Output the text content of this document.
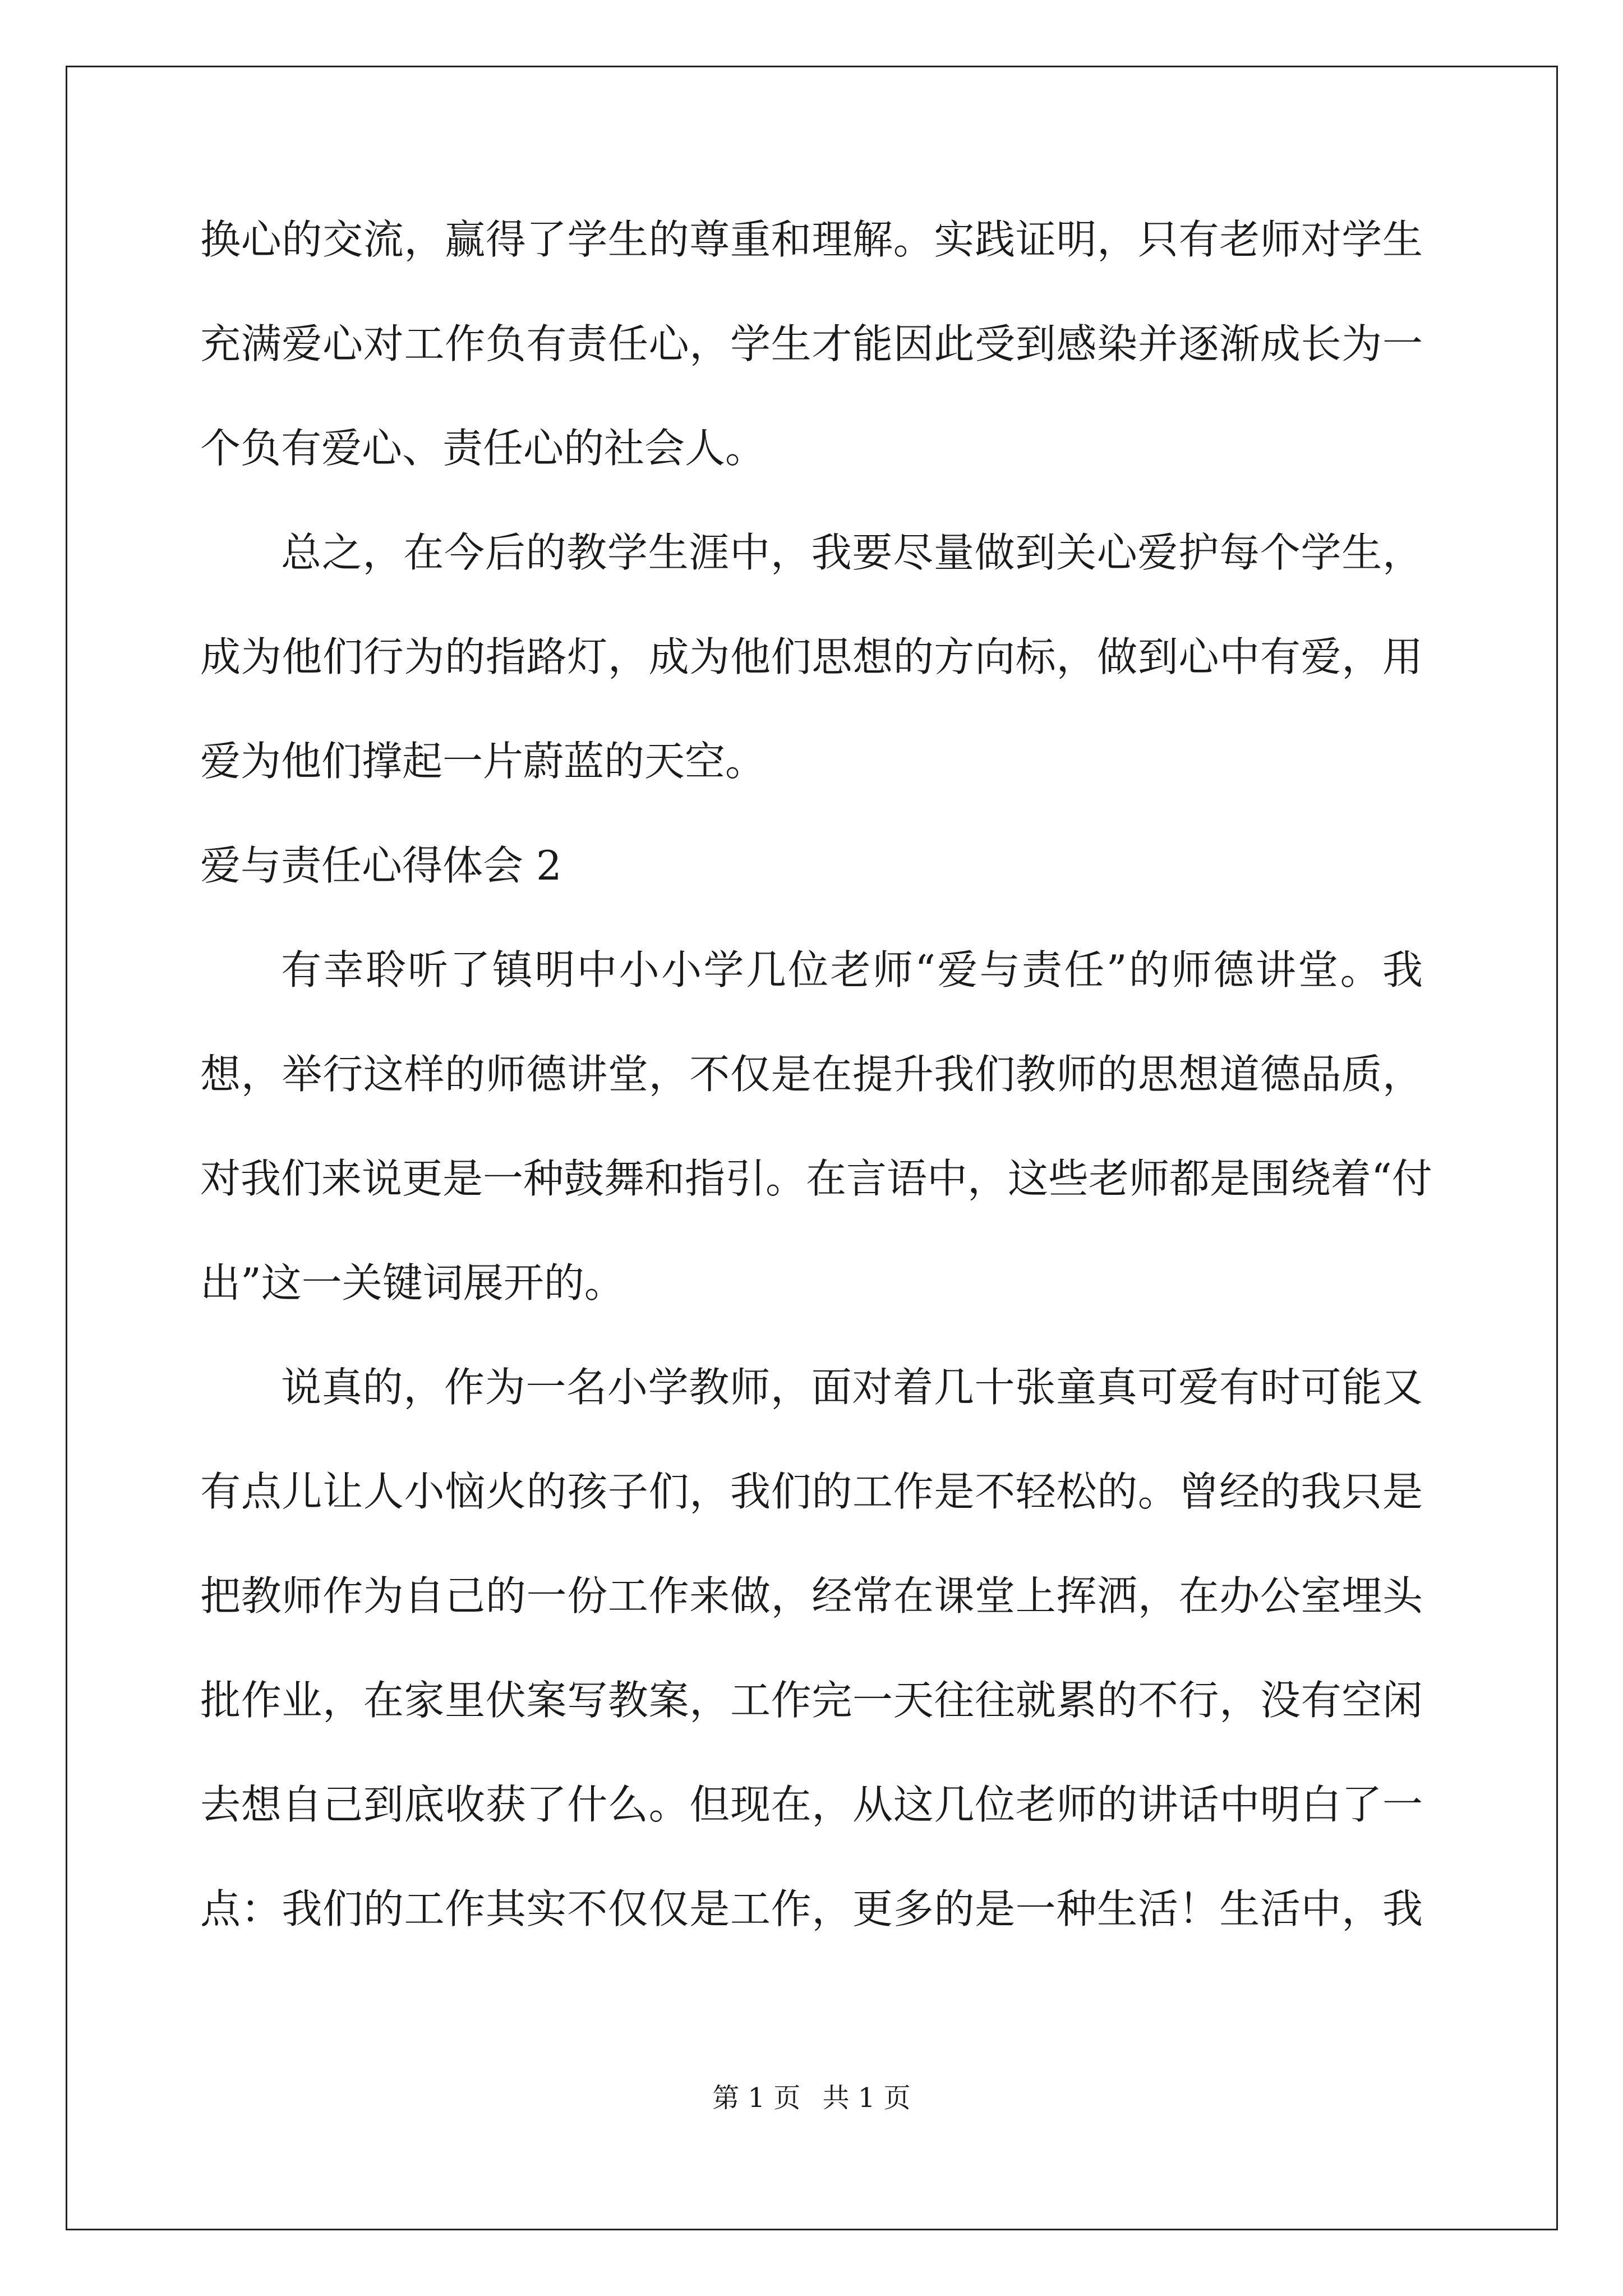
换心的交流，赢得了学生的尊重和理解。实践证明，只有老师对学生
充满爱心对工作负有责任心，学生才能因此受到感染并逐渐成长为一
个负有爱心、责任心的社会人。
总之，在今后的教学生涯中，我要尽量做到关心爱护每个学生，
成为他们行为的指路灯，成为他们思想的方向标，做到心中有爱，用
爱为他们撑起一片蔚蓝的天空。
爱与责任心得体会 2
有幸聆听了镇明中小小学几位老师“爱与责任”的师德讲堂。我
想，举行这样的师德讲堂，不仅是在提升我们教师的思想道德品质，
对我们来说更是一种鼓舞和指引。在言语中，这些老师都是围绕着“付
出”这一关键词展开的。
说真的，作为一名小学教师，面对着几十张童真可爱有时可能又
有点儿让人小恼火的孩子们，我们的工作是不轻松的。曾经的我只是
把教师作为自己的一份工作来做，经常在课堂上挥洒，在办公室埋头
批作业，在家里伏案写教案，工作完一天往往就累的不行，没有空闲
去想自己到底收获了什么。但现在，从这几位老师的讲话中明白了一
点：我们的工作其实不仅仅是工作，更多的是一种生活！生活中，我
第 1 页 共 1 页
